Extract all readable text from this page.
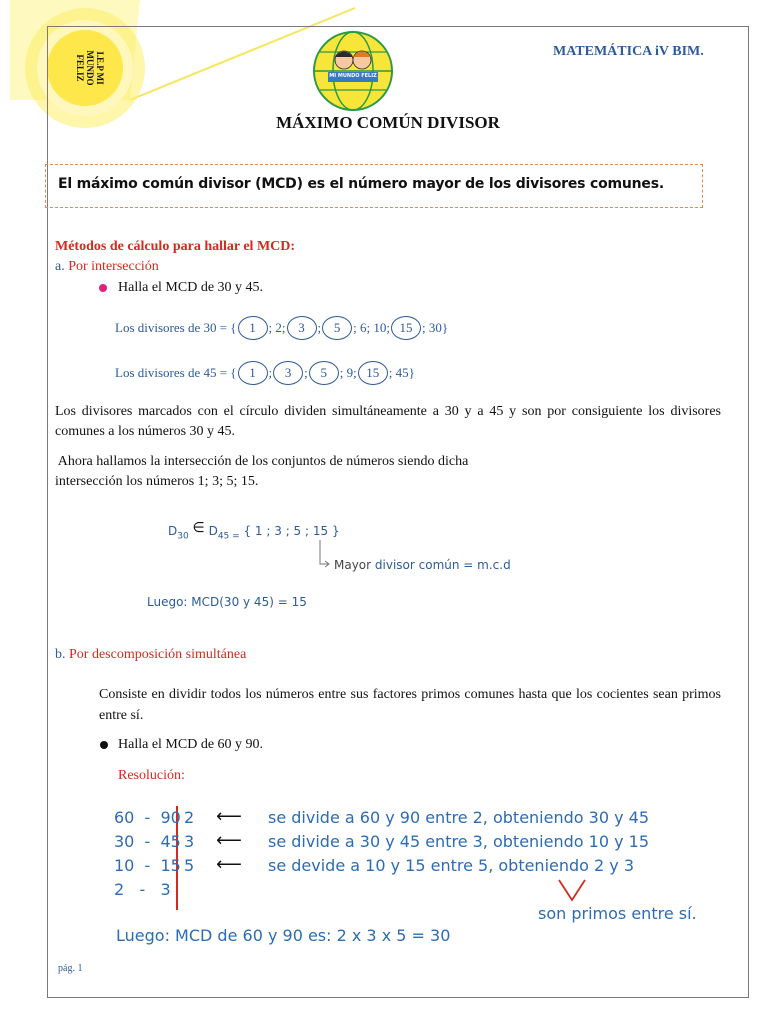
I.E.P MI MUNDO FELIZ	MI MUNDO FELIZ
MATEMÁTICA iV BIM.
MÁXIMO COMÚN DIVISOR
El máximo común divisor (MCD) es el número mayor de los divisores comunes.
Métodos de cálculo para hallar el MCD:
a. Por intersección
Halla el MCD de 30 y 45.
Los divisores de 30 = { 1 ; 2; 3 ; 5 ; 6; 10; 15 ; 30}
Los divisores de 45 = { 1 ; 3 ; 5 ; 9; 15 ; 45}
Los divisores marcados con el círculo dividen simultáneamente a 30 y a 45 y son por consiguiente los divisores comunes a los números 30 y 45.
Ahora hallamos la intersección de los conjuntos de números siendo dicha
intersección los números 1; 3; 5; 15.
$D_{30}$ ∈ $D_{45 =}$ { 1 ; 3 ; 5 ; 15 }
Mayor divisor común = m.c.d
Luego: MCD(30 y 45) = 15
b. Por descomposición simultánea
Consiste en dividir todos los números entre sus factores primos comunes hasta que los cocientes sean primos entre sí.
Halla el MCD de 60 y 90.
Resolución:
60  -  90 2 ⟵ se divide a 60 y 90 entre 2, obteniendo 30 y 45
30  -  45 3 ⟵ se divide a 30 y 45 entre 3, obteniendo 10 y 15
10  -  15 5 ⟵ se devide a 10 y 15 entre 5, obteniendo 2 y 3
2   -   3
son primos entre sí.
Luego: MCD de 60 y 90 es: 2 x 3 x 5 = 30
pág. 1
